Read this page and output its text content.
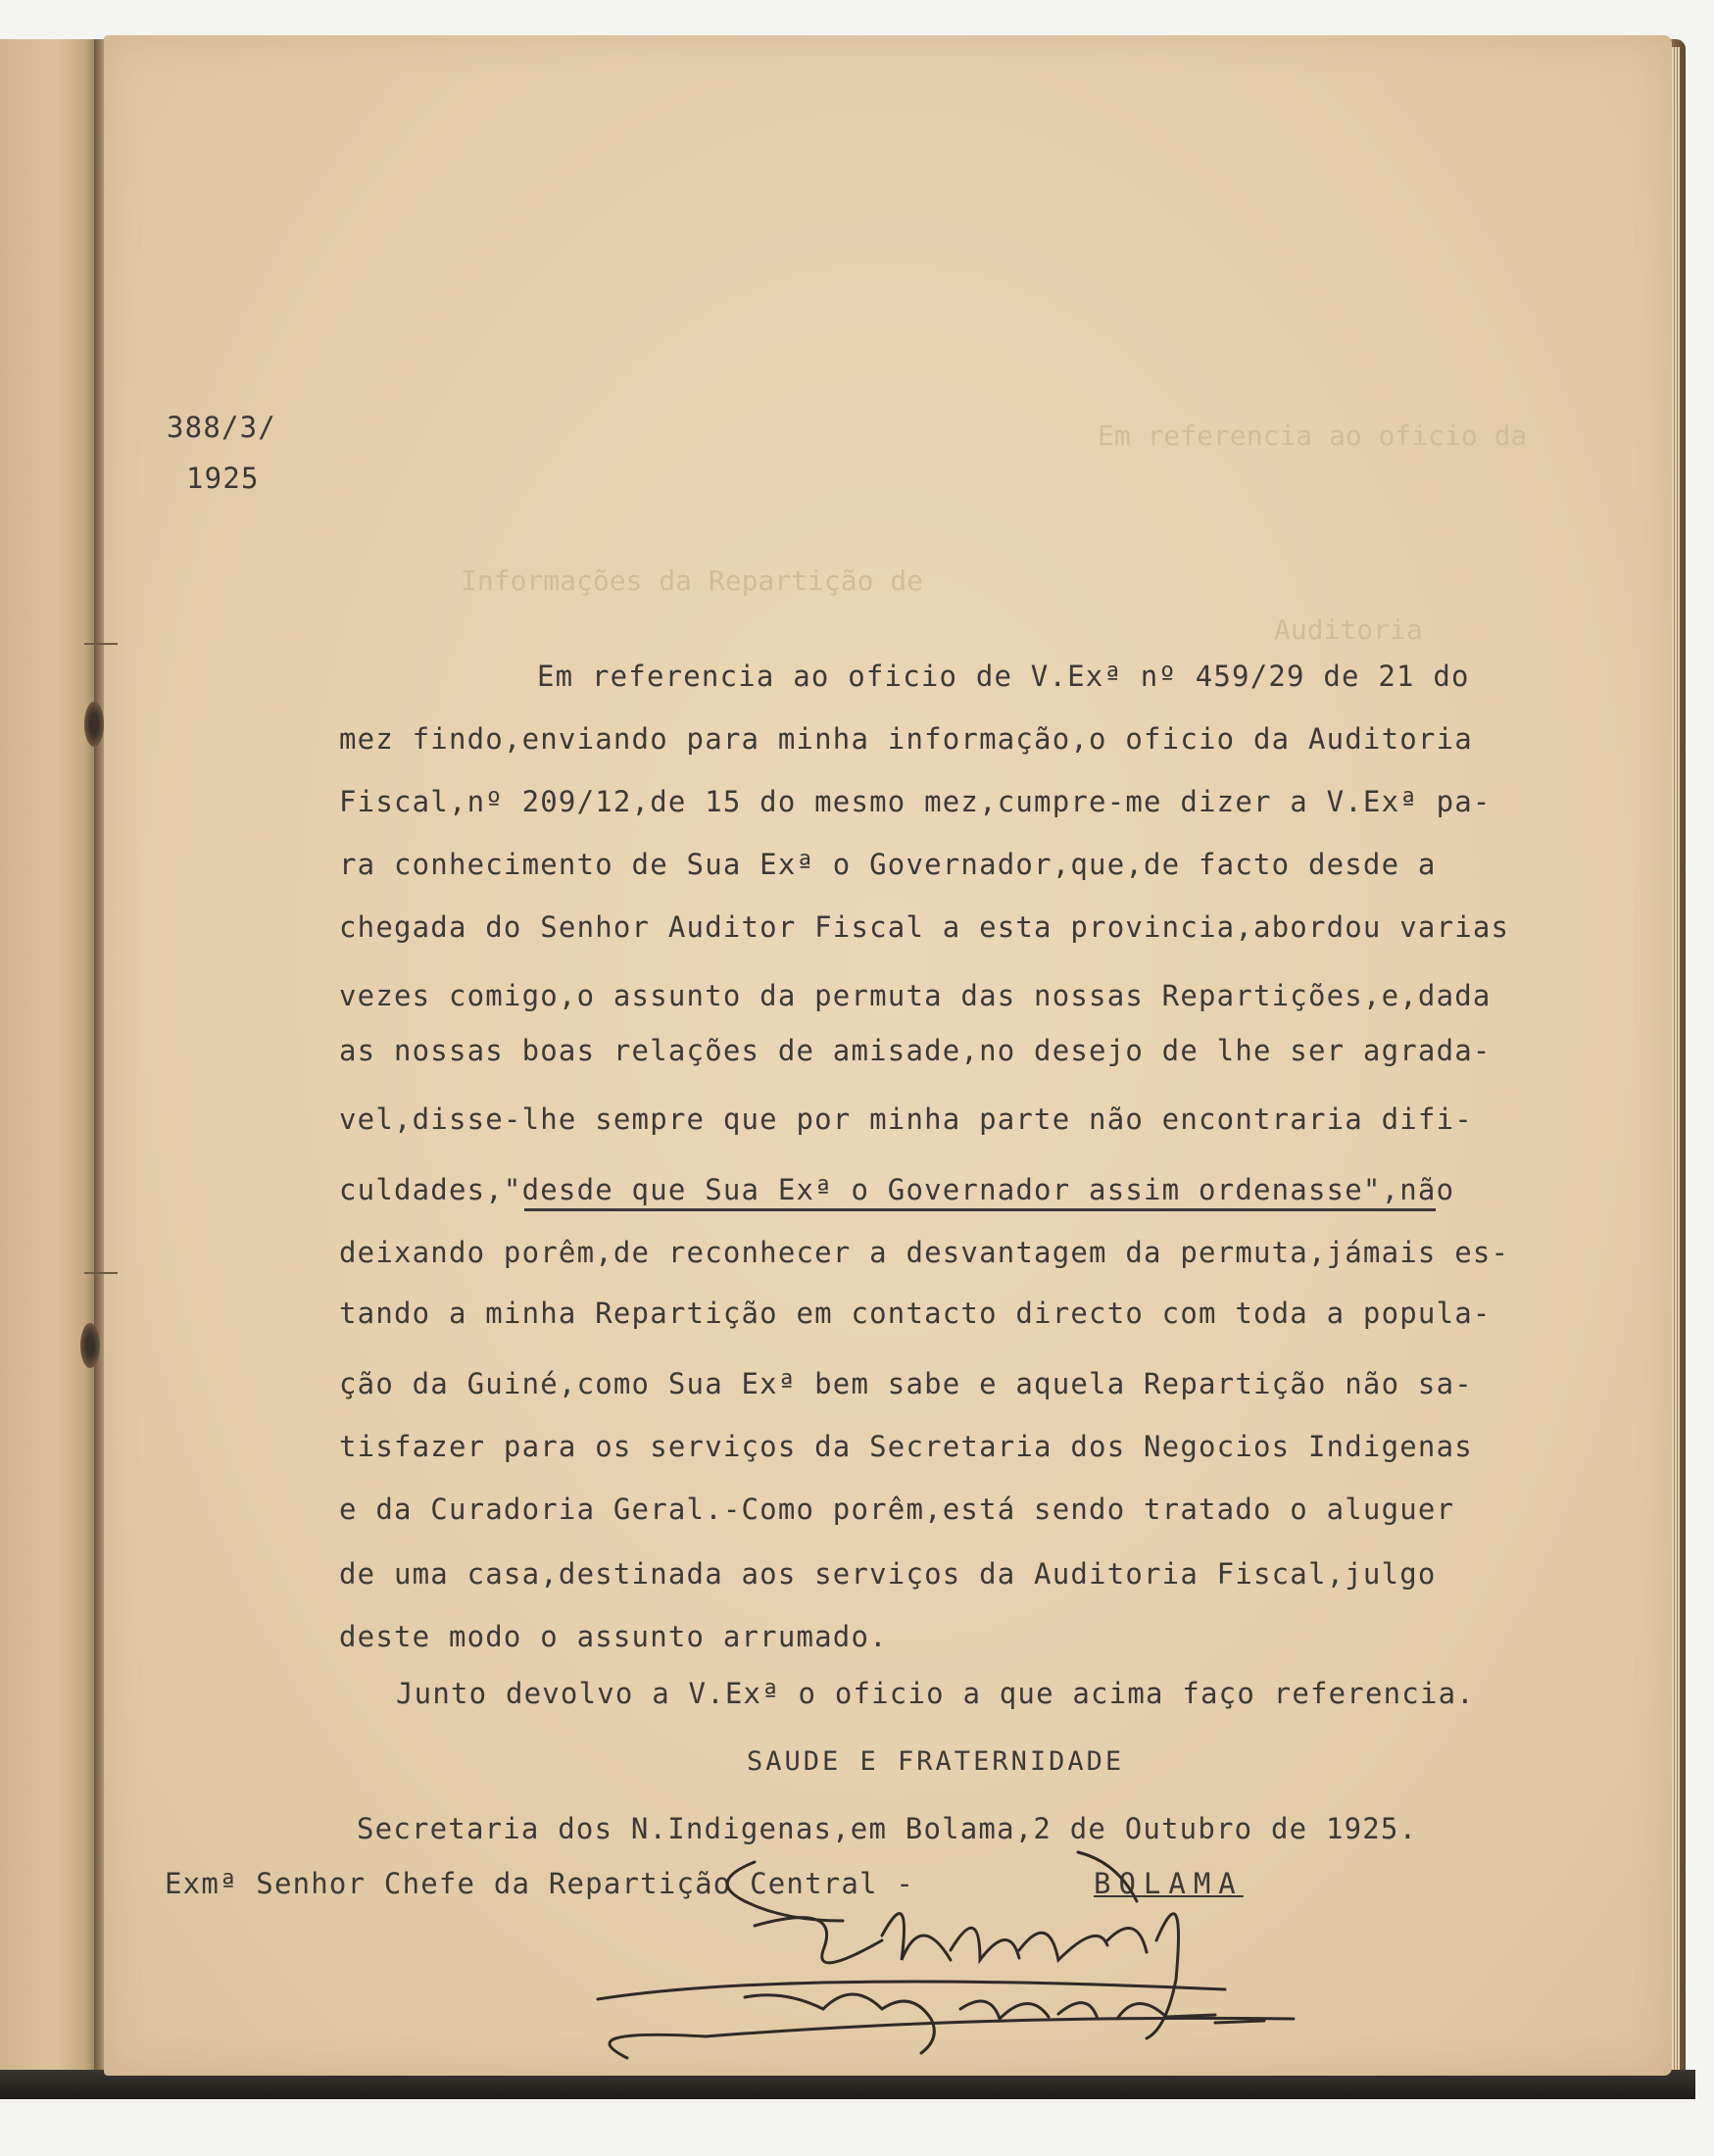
Em referencia ao oficio da
Informações da Repartição de
Auditoria
388/3/
1925
Em referencia ao oficio de V.Exª nº 459/29 de 21 do
mez findo,enviando para minha informação,o oficio da Auditoria
Fiscal,nº 209/12,de 15 do mesmo mez,cumpre-me dizer a V.Exª pa-
ra conhecimento de Sua Exª o Governador,que,de facto desde a
chegada do Senhor Auditor Fiscal a esta provincia,abordou varias
vezes comigo,o assunto da permuta das nossas Repartições,e,dada
as nossas boas relações de amisade,no desejo de lhe ser agrada-
vel,disse-lhe sempre que por minha parte não encontraria difi-
culdades,"desde que Sua Exª o Governador assim ordenasse",não
deixando porêm,de reconhecer a desvantagem da permuta,jámais es-
tando a minha Repartição em contacto directo com toda a popula-
ção da Guiné,como Sua Exª bem sabe e aquela Repartição não sa-
tisfazer para os serviços da Secretaria dos Negocios Indigenas
e da Curadoria Geral.-Como porêm,está sendo tratado o aluguer
de uma casa,destinada aos serviços da Auditoria Fiscal,julgo
deste modo o assunto arrumado.
Junto devolvo a V.Exª o oficio a que acima faço referencia.
SAUDE E FRATERNIDADE
Secretaria dos N.Indigenas,em Bolama,2 de Outubro de 1925.
Exmª Senhor Chefe da Repartição Central -	BOLAMA
